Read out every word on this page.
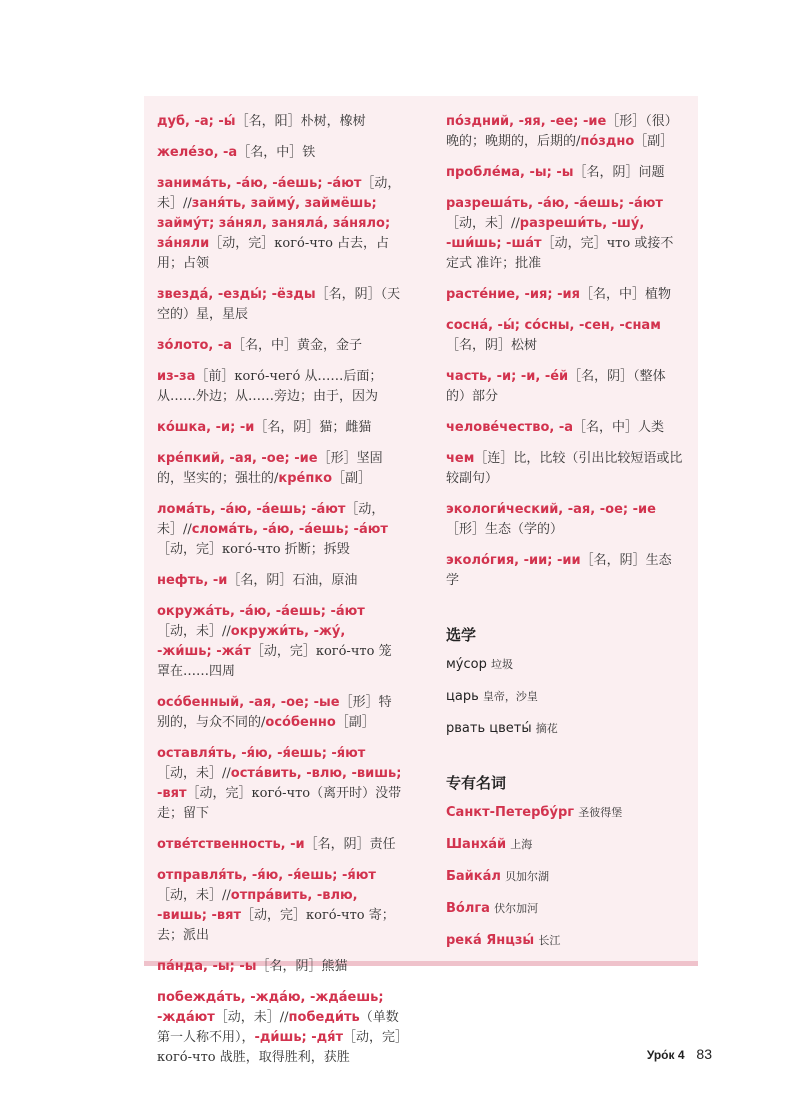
дуб, -а; -ы́［名，阳］朴树，橡树
желе́зо, -а［名，中］铁
занима́ть, -а́ю, -а́ешь; -а́ют［动，未］//заня́ть, займу́, займёшь; займу́т; за́нял, заняла́, за́няло; за́няли［动，完］кого́-что 占去，占用；占领
звезда́, -езды́; -ёзды［名，阴］（天空的）星，星辰
зо́лото, -а［名，中］黄金，金子
из-за［前］кого́-чего́ 从……后面；从……外边；从……旁边；由于，因为
ко́шка, -и; -и［名，阴］猫；雌猫
кре́пкий, -ая, -ое; -ие［形］坚固的，坚实的；强壮的/кре́пко［副］
лома́ть, -а́ю, -а́ешь; -а́ют［动，未］//слома́ть, -а́ю, -а́ешь; -а́ют［动，完］кого́-что 折断；拆毁
нефть, -и［名，阴］石油，原油
окружа́ть, -а́ю, -а́ешь; -а́ют［动，未］//окружи́ть, -жу́, -жи́шь; -жа́т［动，完］кого́-что 笼罩在……四周
осо́бенный, -ая, -ое; -ые［形］特别的，与众不同的/осо́бенно［副］
оставля́ть, -я́ю, -я́ешь; -я́ют［动，未］//оста́вить, -влю, -вишь; -вят［动，完］кого́-что（离开时）没带走；留下
отве́тственность, -и［名，阴］责任
отправля́ть, -я́ю, -я́ешь; -я́ют［动，未］//отпра́вить, -влю, -вишь; -вят［动，完］кого́-что 寄；去；派出
па́нда, -ы; -ы［名，阴］熊猫
побежда́ть, -жда́ю, -жда́ешь; -жда́ют［动，未］//победи́ть（单数第一人称不用），-ди́шь; -дя́т［动，完］кого́-что 战胜，取得胜利，获胜
по́здний, -яя, -ее; -ие［形］（很）晚的；晚期的，后期的/по́здно［副］
пробле́ма, -ы; -ы［名，阴］问题
разреша́ть, -а́ю, -а́ешь; -а́ют［动，未］//разреши́ть, -шу́, -ши́шь; -ша́т［动，完］что 或接不定式 准许；批准
расте́ние, -ия; -ия［名，中］植物
сосна́, -ы́; со́сны, -сен, -снам［名，阴］松树
часть, -и; -и, -е́й［名，阴］（整体的）部分
челове́чество, -а［名，中］人类
чем［连］比，比较（引出比较短语或比较副句）
экологи́ческий, -ая, -ое; -ие［形］生态（学的）
эколо́гия, -ии; -ии［名，阴］生态学
选学
му́сор 垃圾
царь 皇帝，沙皇
рвать цветы́ 摘花
专有名词
Санкт-Петербу́рг 圣彼得堡
Шанха́й 上海
Байка́л 贝加尔湖
Во́лга 伏尔加河
река́ Янцзы́ 长江
Уро́к 4 83
